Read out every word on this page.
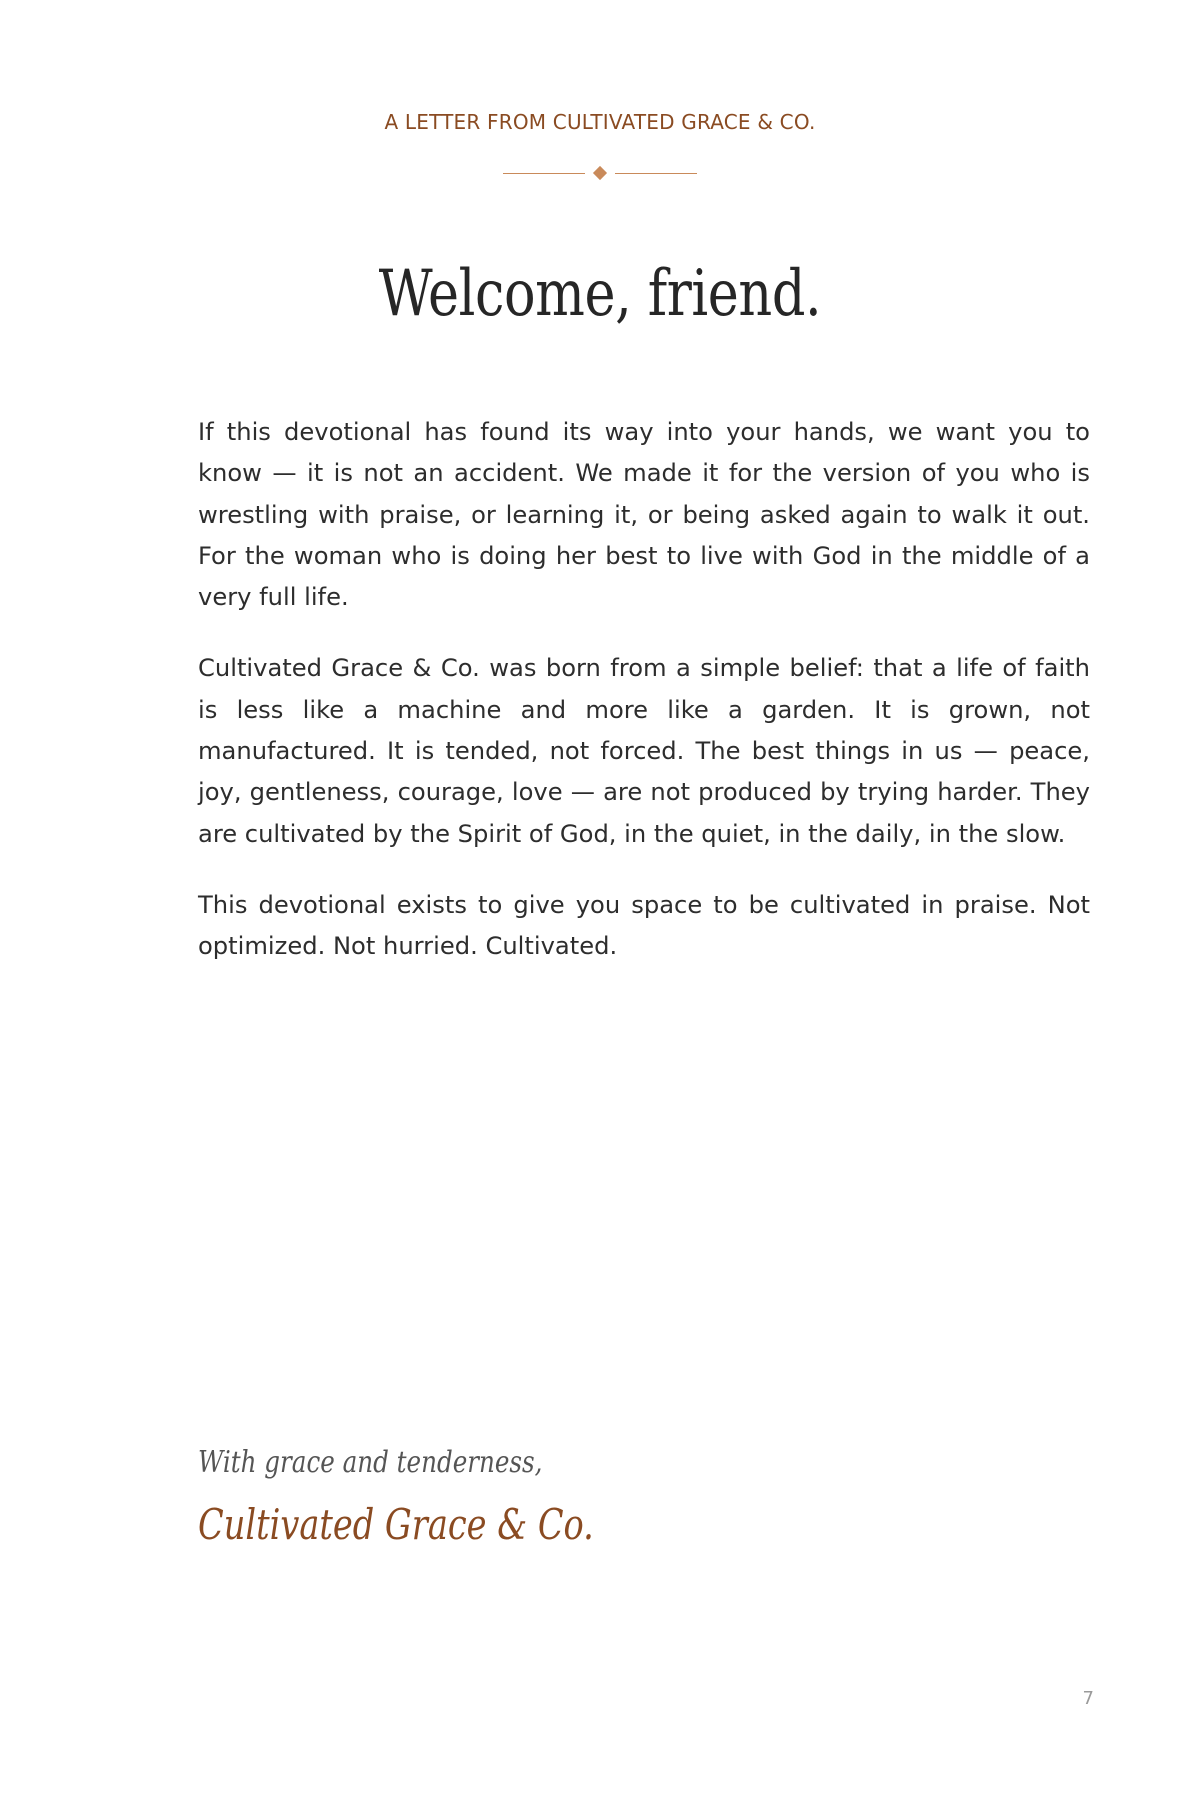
A LETTER FROM CULTIVATED GRACE & CO.
Welcome, friend.

If this devotional has found its way into your hands, we want you to know — it is not an accident. We made it for the version of you who is wrestling with praise, or learning it, or being asked again to walk it out. For the woman who is doing her best to live with God in the middle of a very full life.

Cultivated Grace & Co. was born from a simple belief: that a life of faith is less like a machine and more like a garden. It is grown, not manufactured. It is tended, not forced. The best things in us — peace, joy, gentleness, courage, love — are not produced by trying harder. They are cultivated by the Spirit of God, in the quiet, in the daily, in the slow.

This devotional exists to give you space to be cultivated in praise. Not optimized. Not hurried. Cultivated.

With grace and tenderness,
Cultivated Grace & Co.
7
